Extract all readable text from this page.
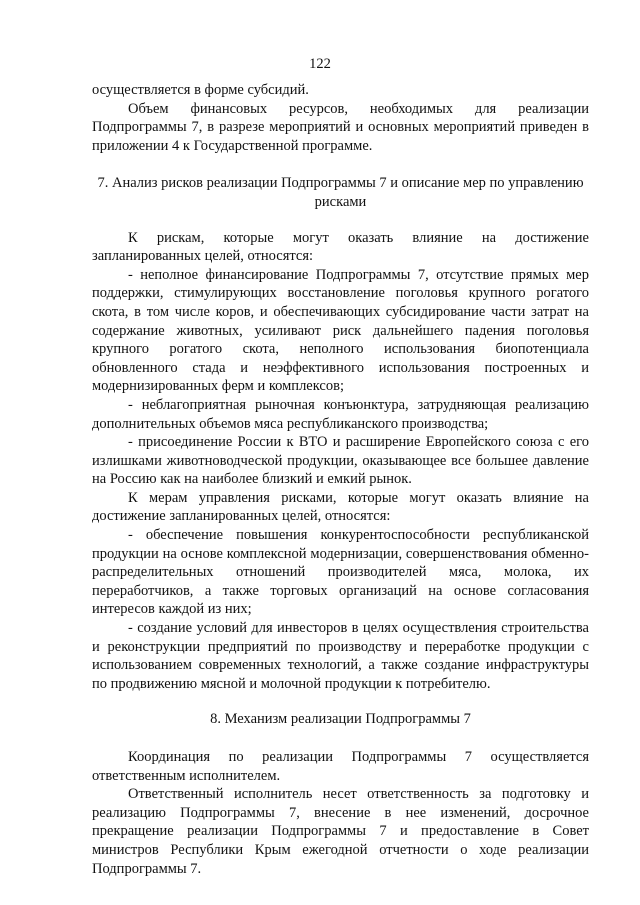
122

осуществляется в форме субсидий.

Объем финансовых ресурсов, необходимых для реализации Подпрограммы 7, в разрезе мероприятий и основных мероприятий приведен в приложении 4 к Государственной программе.

7. Анализ рисков реализации Подпрограммы 7 и описание мер по управлению рисками

К рискам, которые могут оказать влияние на достижение запланированных целей, относятся:

- неполное финансирование Подпрограммы 7, отсутствие прямых мер поддержки, стимулирующих восстановление поголовья крупного рогатого скота, в том числе коров, и обеспечивающих субсидирование части затрат на содержание животных, усиливают риск дальнейшего падения поголовья крупного рогатого скота, неполного использования биопотенциала обновленного стада и неэффективного использования построенных и модернизированных ферм и комплексов;

- неблагоприятная рыночная конъюнктура, затрудняющая реализацию дополнительных объемов мяса республиканского производства;

- присоединение России к ВТО и расширение Европейского союза с его излишками животноводческой продукции, оказывающее все большее давление на Россию как на наиболее близкий и емкий рынок.

К мерам управления рисками, которые могут оказать влияние на достижение запланированных целей, относятся:

- обеспечение повышения конкурентоспособности республиканской продукции на основе комплексной модернизации, совершенствования обменно-распределительных отношений производителей мяса, молока, их переработчиков, а также торговых организаций на основе согласования интересов каждой из них;

- создание условий для инвесторов в целях осуществления строительства и реконструкции предприятий по производству и переработке продукции с использованием современных технологий, а также создание инфраструктуры по продвижению мясной и молочной продукции к потребителю.

8. Механизм реализации Подпрограммы 7

Координация по реализации Подпрограммы 7 осуществляется ответственным исполнителем.

Ответственный исполнитель несет ответственность за подготовку и реализацию Подпрограммы 7, внесение в нее изменений, досрочное прекращение реализации Подпрограммы 7 и предоставление в Совет министров Республики Крым ежегодной отчетности о ходе реализации Подпрограммы 7.
